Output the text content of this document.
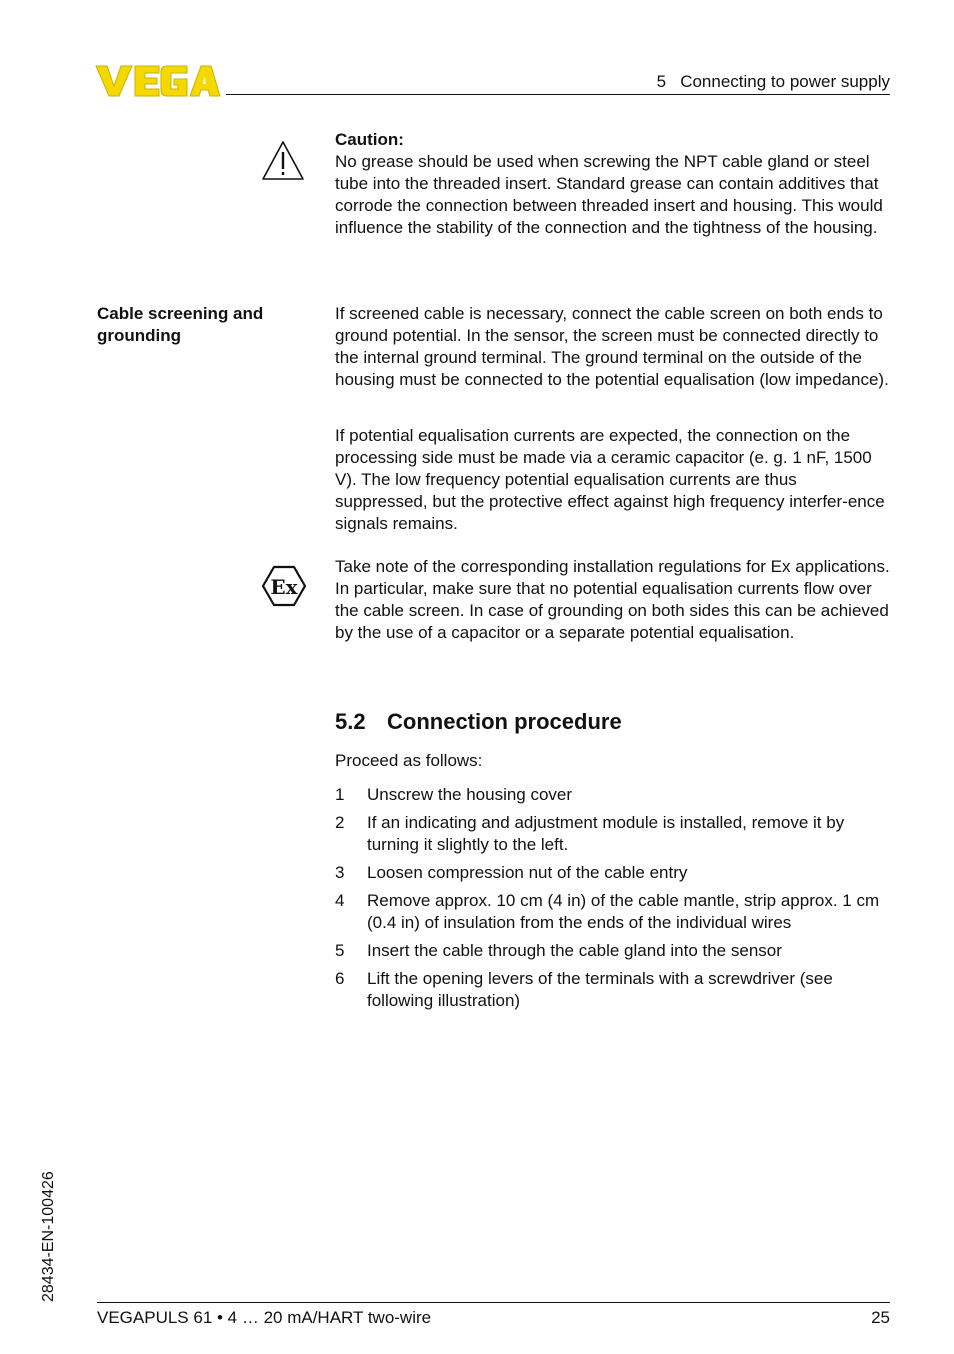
5   Connecting to power supply
Caution:
No grease should be used when screwing the NPT cable gland or steel tube into the threaded insert. Standard grease can contain additives that corrode the connection between threaded insert and housing. This would influence the stability of the connection and the tightness of the housing.
Cable screening and grounding
If screened cable is necessary, connect the cable screen on both ends to ground potential. In the sensor, the screen must be connected directly to the internal ground terminal. The ground terminal on the outside of the housing must be connected to the potential equalisation (low impedance).
If potential equalisation currents are expected, the connection on the processing side must be made via a ceramic capacitor (e. g. 1 nF, 1500 V). The low frequency potential equalisation currents are thus suppressed, but the protective effect against high frequency interfer-ence signals remains.
Ex
Take note of the corresponding installation regulations for Ex applications. In particular, make sure that no potential equalisation currents flow over the cable screen. In case of grounding on both sides this can be achieved by the use of a capacitor or a separate potential equalisation.
5.2 Connection procedure
Proceed as follows:
1 Unscrew the housing cover
2 If an indicating and adjustment module is installed, remove it by turning it slightly to the left.
3 Loosen compression nut of the cable entry
4 Remove approx. 10 cm (4 in) of the cable mantle, strip approx. 1 cm (0.4 in) of insulation from the ends of the individual wires
5 Insert the cable through the cable gland into the sensor
6 Lift the opening levers of the terminals with a screwdriver (see following illustration)
28434-EN-100426
VEGAPULS 61 • 4 … 20 mA/HART two-wire	25
